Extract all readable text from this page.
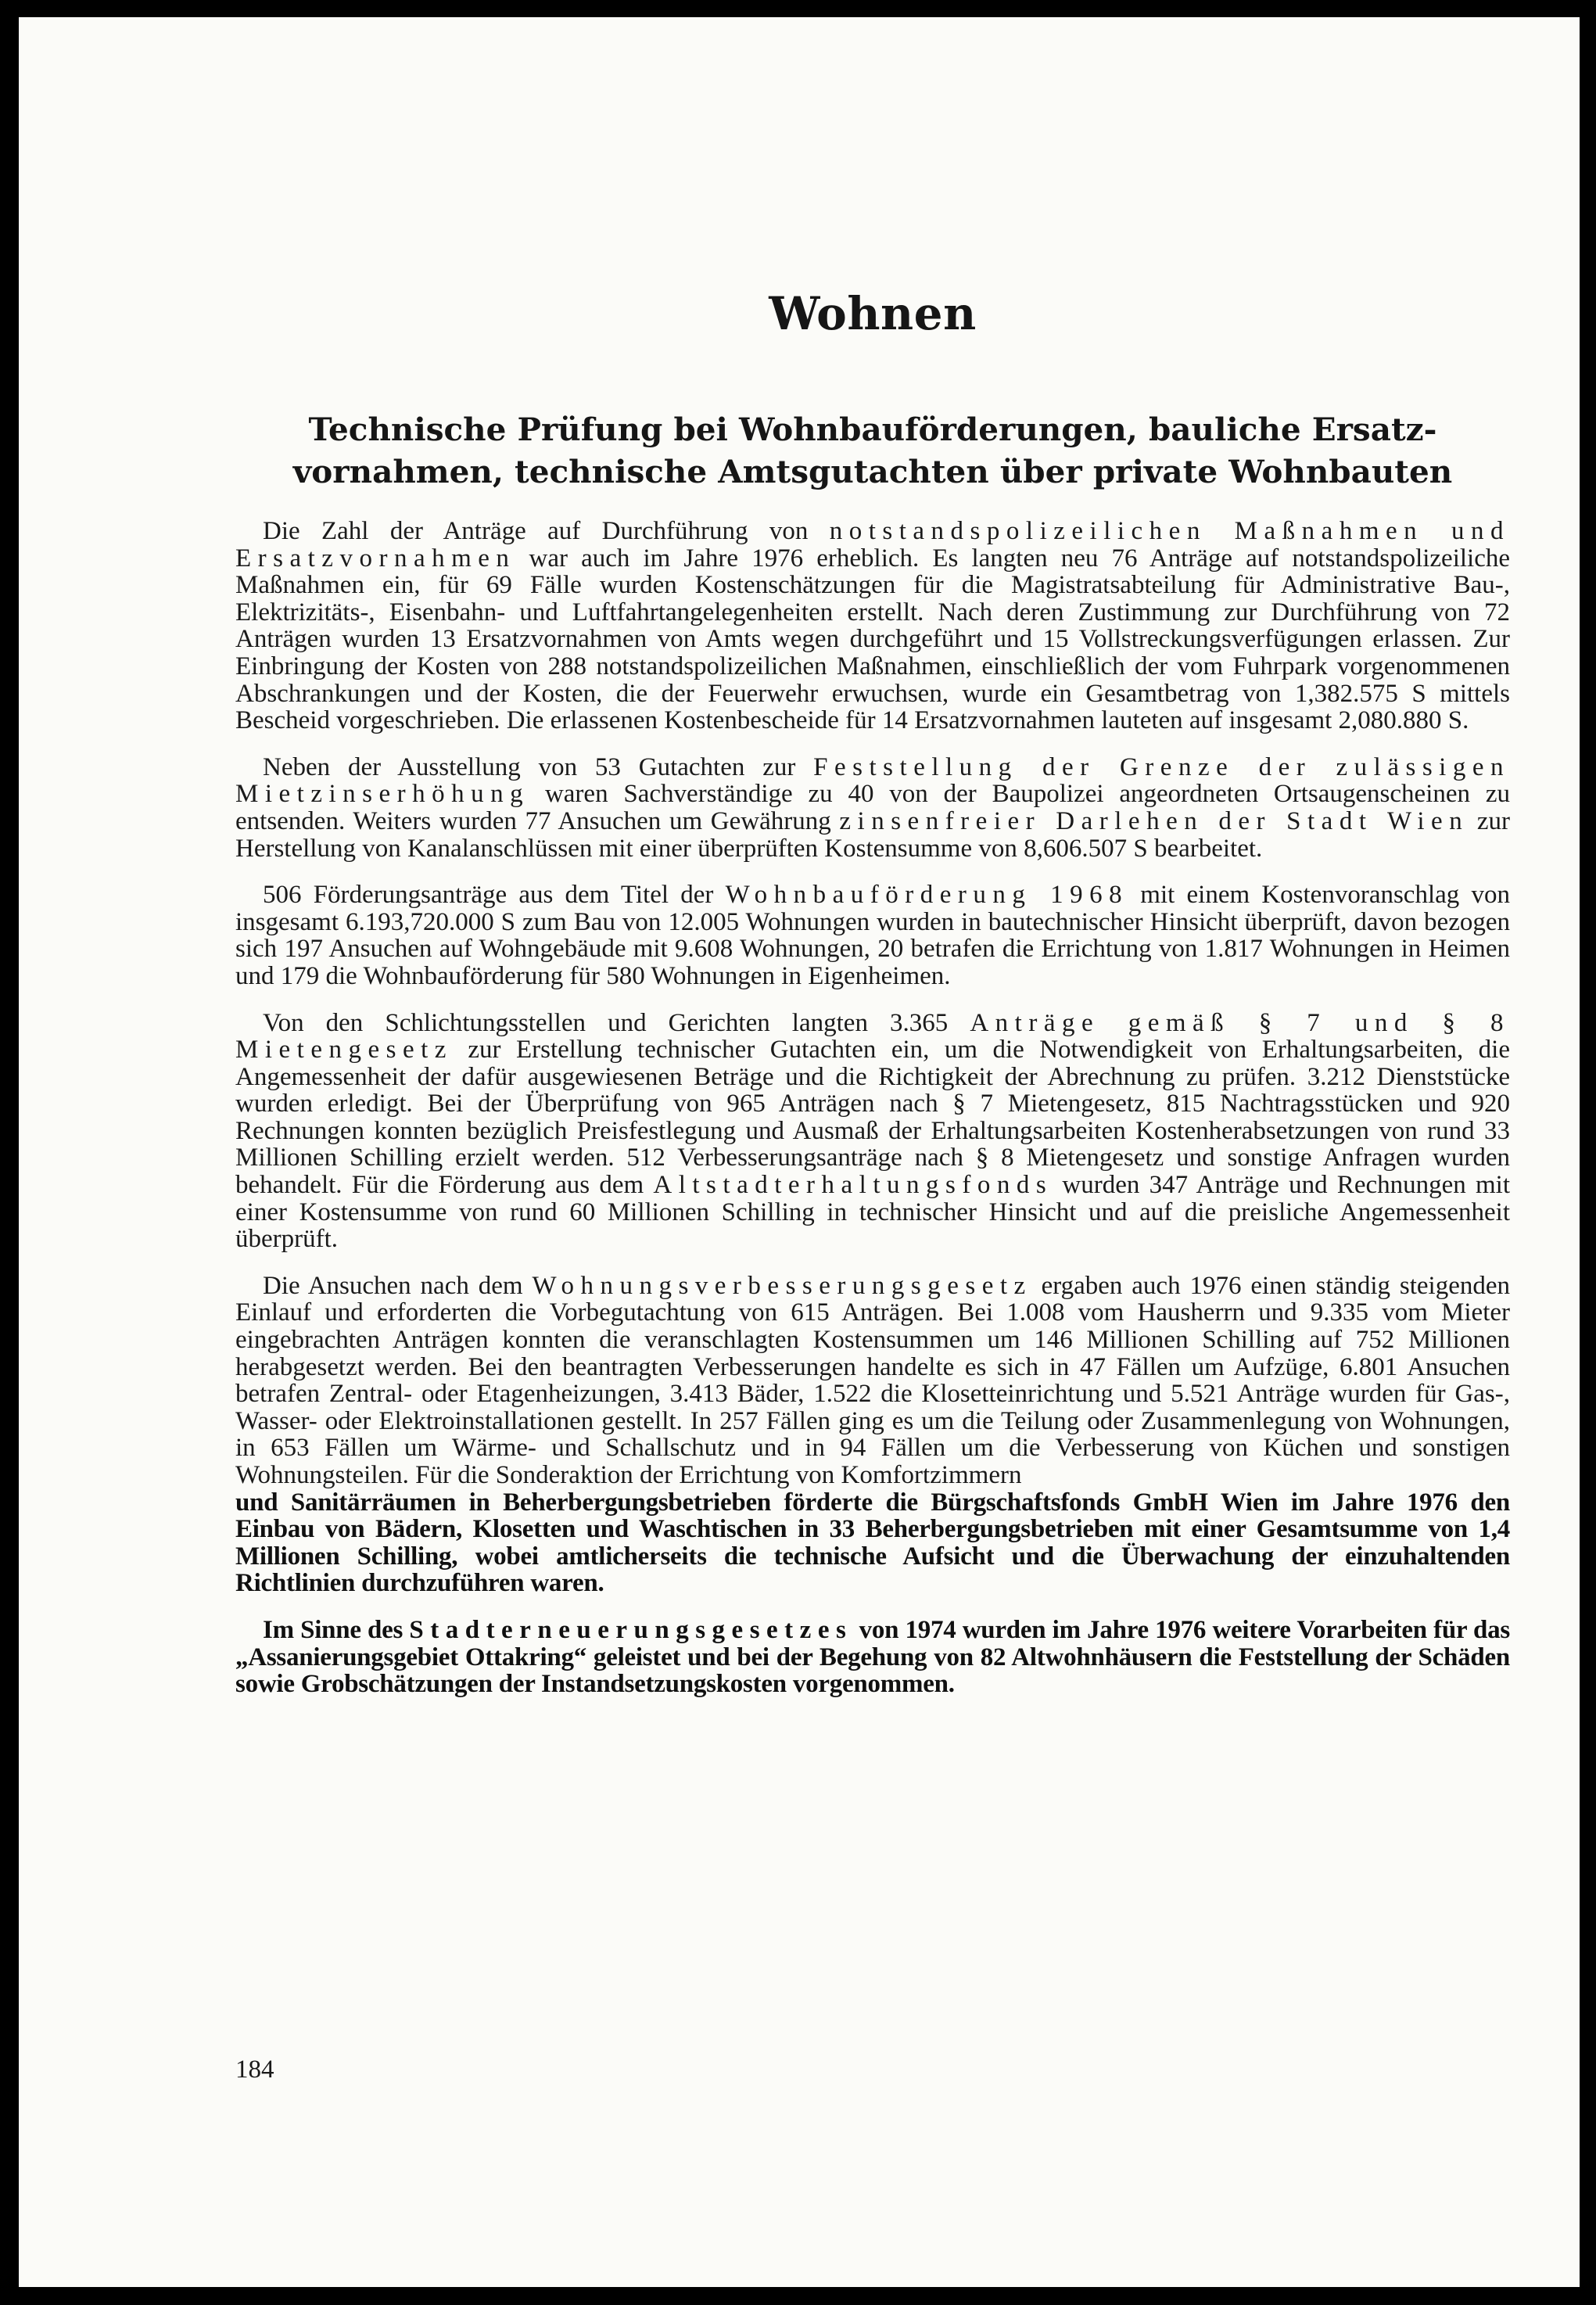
Wohnen
Technische Prüfung bei Wohnbauförderungen, bauliche Ersatz-
vornahmen, technische Amtsgutachten über private Wohnbauten

Die Zahl der Anträge auf Durchführung von notstandspolizeilichen Maßnahmen und Ersatzvornahmen war auch im Jahre 1976 erheblich. Es langten neu 76 Anträge auf notstandspolizeiliche Maßnahmen ein, für 69 Fälle wurden Kostenschätzungen für die Magistratsabteilung für Administrative Bau-, Elektrizitäts-, Eisenbahn- und Luftfahrtangelegenheiten erstellt. Nach deren Zustimmung zur Durchführung von 72 Anträgen wurden 13 Ersatzvornahmen von Amts wegen durchgeführt und 15 Vollstreckungsverfügungen erlassen. Zur Einbringung der Kosten von 288 notstandspolizeilichen Maßnahmen, einschließlich der vom Fuhrpark vorgenommenen Abschrankungen und der Kosten, die der Feuerwehr erwuchsen, wurde ein Gesamtbetrag von 1,382.575 S mittels Bescheid vorgeschrieben. Die erlassenen Kostenbescheide für 14 Ersatzvornahmen lauteten auf insgesamt 2,080.880 S.

Neben der Ausstellung von 53 Gutachten zur Feststellung der Grenze der zulässigen Mietzinserhöhung waren Sachverständige zu 40 von der Baupolizei angeordneten Ortsaugenscheinen zu entsenden. Weiters wurden 77 Ansuchen um Gewährung zinsenfreier Darlehen der Stadt Wien zur Herstellung von Kanalanschlüssen mit einer überprüften Kostensumme von 8,606.507 S bearbeitet.

506 Förderungsanträge aus dem Titel der Wohnbauförderung 1968 mit einem Kostenvoranschlag von insgesamt 6.193,720.000 S zum Bau von 12.005 Wohnungen wurden in bautechnischer Hinsicht überprüft, davon bezogen sich 197 Ansuchen auf Wohngebäude mit 9.608 Wohnungen, 20 betrafen die Errichtung von 1.817 Wohnungen in Heimen und 179 die Wohnbauförderung für 580 Wohnungen in Eigenheimen.

Von den Schlichtungsstellen und Gerichten langten 3.365 Anträge gemäß § 7 und § 8 Mietengesetz zur Erstellung technischer Gutachten ein, um die Notwendigkeit von Erhaltungsarbeiten, die Angemessenheit der dafür ausgewiesenen Beträge und die Richtigkeit der Abrechnung zu prüfen. 3.212 Dienststücke wurden erledigt. Bei der Überprüfung von 965 Anträgen nach § 7 Mietengesetz, 815 Nachtragsstücken und 920 Rechnungen konnten bezüglich Preisfestlegung und Ausmaß der Erhaltungsarbeiten Kostenherabsetzungen von rund 33 Millionen Schilling erzielt werden. 512 Verbesserungsanträge nach § 8 Mietengesetz und sonstige Anfragen wurden behandelt. Für die Förderung aus dem Altstadterhaltungsfonds wurden 347 Anträge und Rechnungen mit einer Kostensumme von rund 60 Millionen Schilling in technischer Hinsicht und auf die preisliche Angemessenheit überprüft.

Die Ansuchen nach dem Wohnungsverbesserungsgesetz ergaben auch 1976 einen ständig steigenden Einlauf und erforderten die Vorbegutachtung von 615 Anträgen. Bei 1.008 vom Hausherrn und 9.335 vom Mieter eingebrachten Anträgen konnten die veranschlagten Kostensummen um 146 Millionen Schilling auf 752 Millionen herabgesetzt werden. Bei den beantragten Verbesserungen handelte es sich in 47 Fällen um Aufzüge, 6.801 Ansuchen betrafen Zentral- oder Etagenheizungen, 3.413 Bäder, 1.522 die Klosetteinrichtung und 5.521 Anträge wurden für Gas-, Wasser- oder Elektroinstallationen gestellt. In 257 Fällen ging es um die Teilung oder Zusammenlegung von Wohnungen, in 653 Fällen um Wärme- und Schallschutz und in 94 Fällen um die Verbesserung von Küchen und sonstigen Wohnungsteilen. Für die Sonderaktion der Errichtung von Komfortzimmern

und Sanitärräumen in Beherbergungsbetrieben förderte die Bürgschaftsfonds GmbH Wien im Jahre 1976 den Einbau von Bädern, Klosetten und Waschtischen in 33 Beherbergungsbetrieben mit einer Gesamtsumme von 1,4 Millionen Schilling, wobei amtlicherseits die technische Aufsicht und die Überwachung der einzuhaltenden Richtlinien durchzuführen waren.

Im Sinne des Stadterneuerungsgesetzes von 1974 wurden im Jahre 1976 weitere Vorarbeiten für das „Assanierungsgebiet Ottakring“ geleistet und bei der Begehung von 82 Altwohnhäusern die Feststellung der Schäden sowie Grobschätzungen der Instandsetzungskosten vorgenommen.

184
